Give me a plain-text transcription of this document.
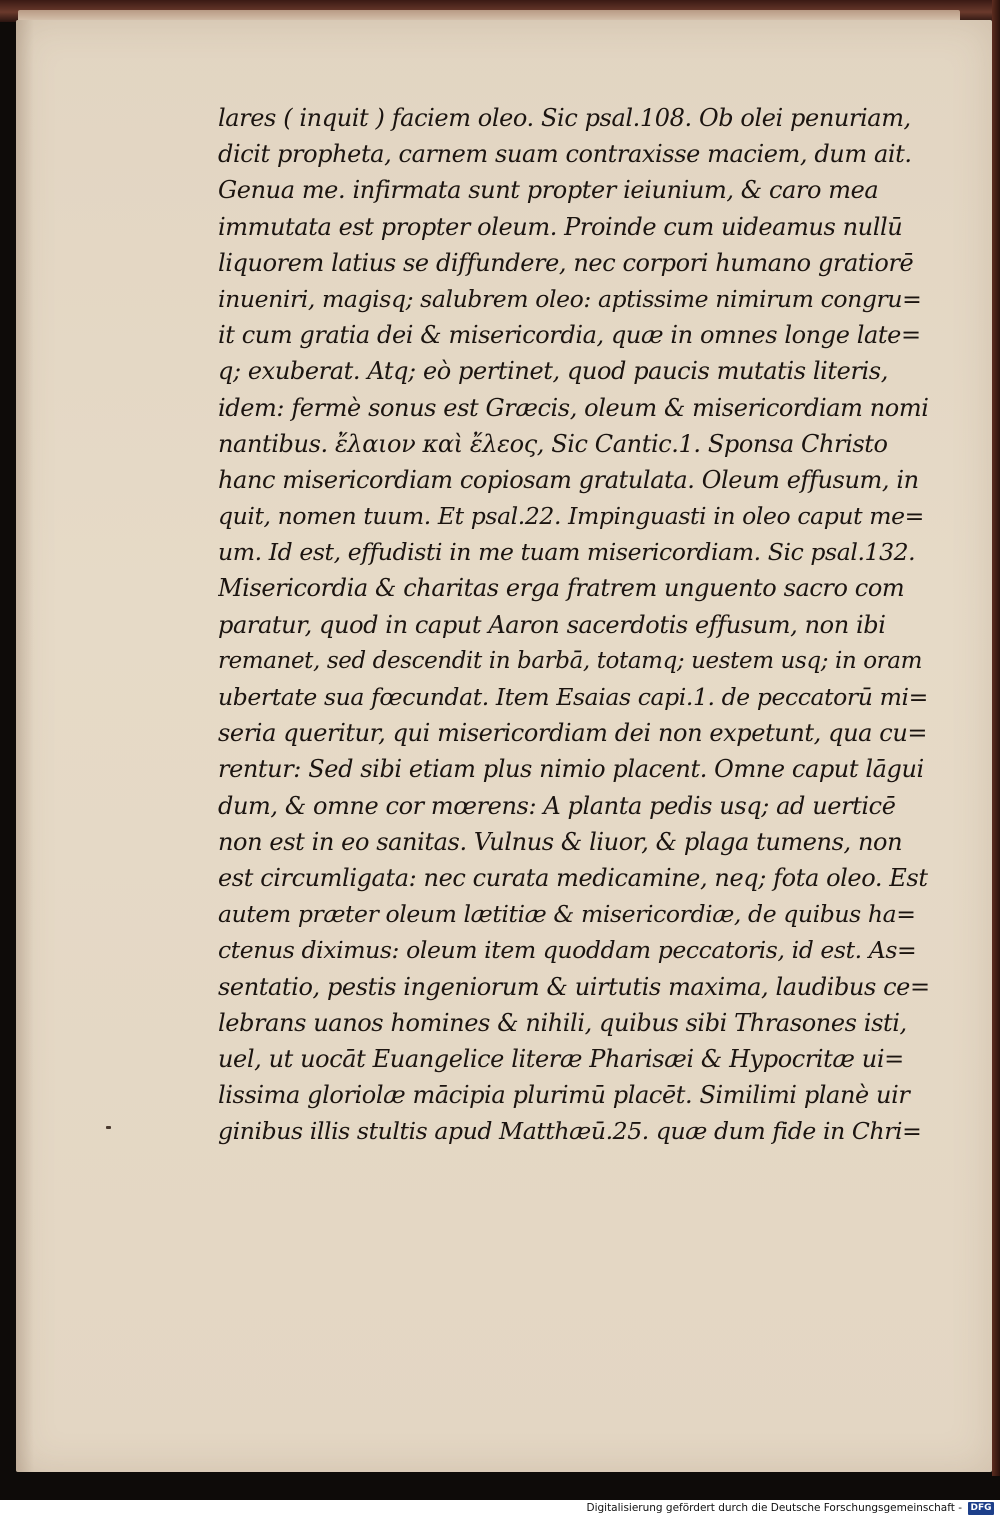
lares ( inquit ) faciem oleo. Sic psal.108. Ob olei penuriam,
dicit propheta, carnem suam contraxisse maciem, dum ait.
Genua me. infirmata sunt propter ieiunium, & caro mea
immutata est propter oleum. Proinde cum uideamus nullū
liquorem latius se diffundere, nec corpori humano gratiorē
inueniri, magisq; salubrem oleo: aptissime nimirum congru=
it cum gratia dei & misericordia, quæ in omnes longe late=
q; exuberat. Atq; eò pertinet, quod paucis mutatis literis,
idem: fermè sonus est Græcis, oleum & misericordiam nomi
nantibus. ἔλαιον καὶ ἔλεος, Sic Cantic.1. Sponsa Christo
hanc misericordiam copiosam gratulata. Oleum effusum, in
quit, nomen tuum. Et psal.22. Impinguasti in oleo caput me=
um. Id est, effudisti in me tuam misericordiam. Sic psal.132.
Misericordia & charitas erga fratrem unguento sacro com
paratur, quod in caput Aaron sacerdotis effusum, non ibi
remanet, sed descendit in barbā, totamq; uestem usq; in oram
ubertate sua fœcundat. Item Esaias capi.1. de peccatorū mi=
seria queritur, qui misericordiam dei non expetunt, qua cu=
rentur: Sed sibi etiam plus nimio placent. Omne caput lāgui
dum, & omne cor mœrens: A planta pedis usq; ad uerticē
non est in eo sanitas. Vulnus & liuor, & plaga tumens, non
est circumligata: nec curata medicamine, neq; fota oleo. Est
autem præter oleum lætitiæ & misericordiæ, de quibus ha=
ctenus diximus: oleum item quoddam peccatoris, id est. As=
sentatio, pestis ingeniorum & uirtutis maxima, laudibus ce=
lebrans uanos homines & nihili, quibus sibi Thrasones isti,
uel, ut uocāt Euangelice literæ Pharisæi & Hypocritæ ui=
lissima gloriolæ mācipia plurimū placēt. Similimi planè uir
ginibus illis stultis apud Matthæū.25. quæ dum fide in Chri=
Digitalisierung gefördert durch die Deutsche Forschungsgemeinschaft - DFG
